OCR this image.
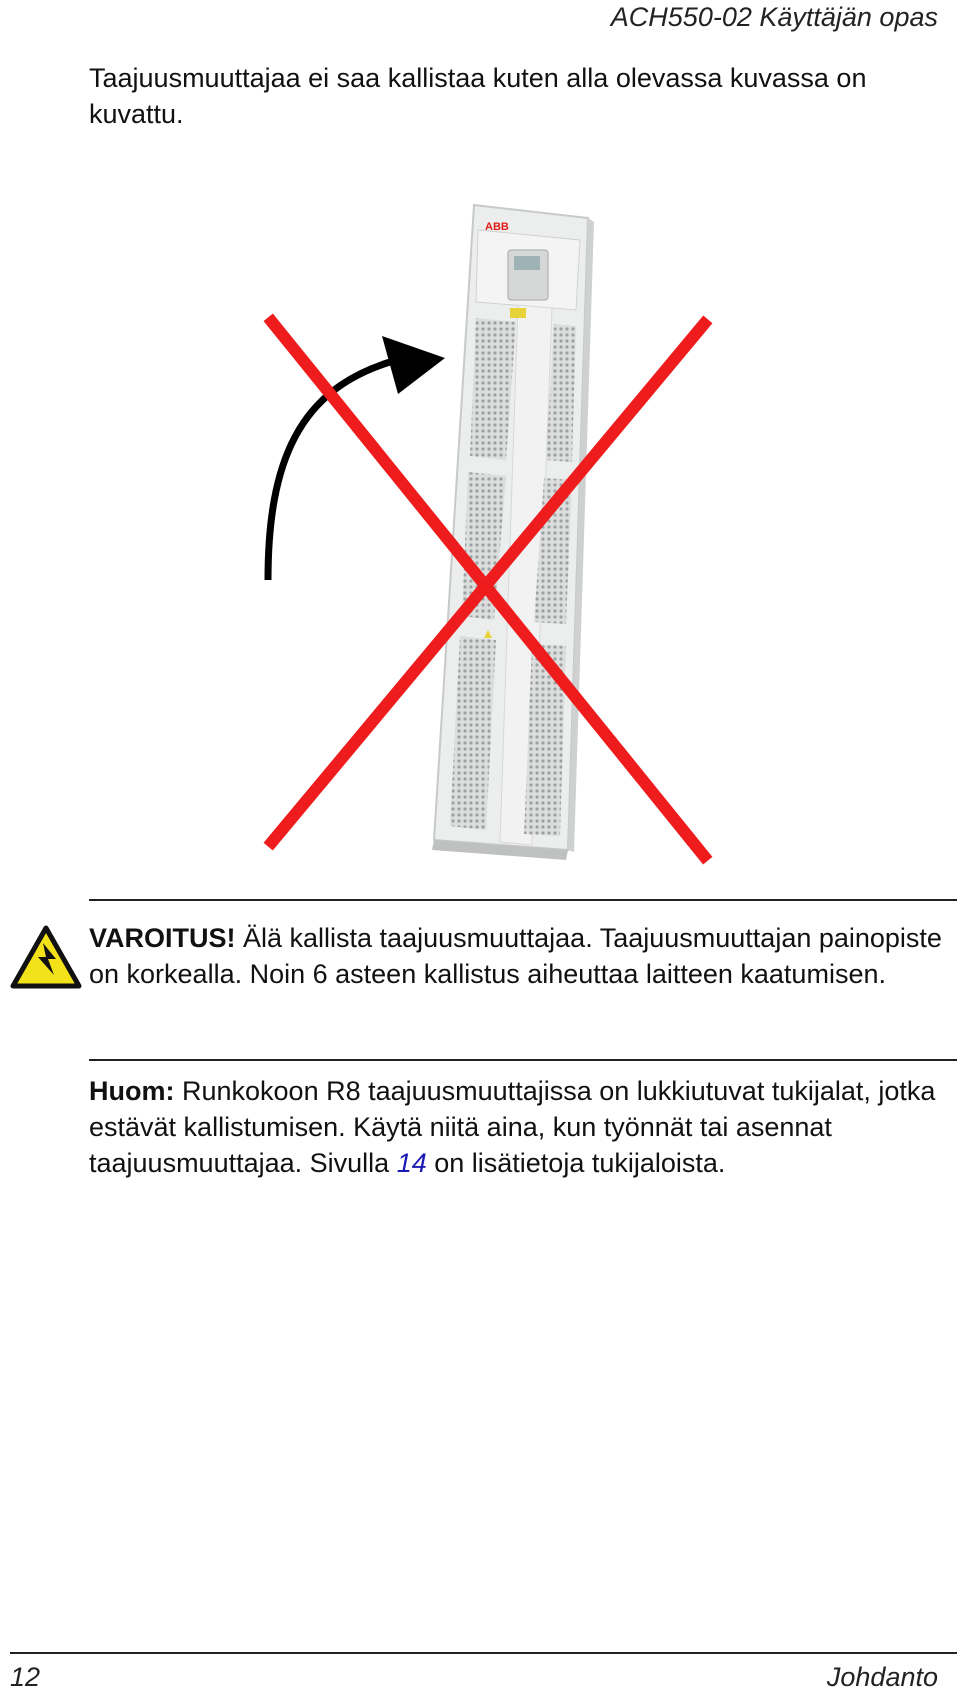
ACH550-02 Käyttäjän opas

Taajuusmuuttajaa ei saa kallistaa kuten alla olevassa kuvassa on kuvattu.

ABB

VAROITUS! Älä kallista taajuusmuuttajaa. Taajuusmuuttajan painopiste on korkealla. Noin 6 asteen kallistus aiheuttaa laitteen kaatumisen.

Huom: Runkokoon R8 taajuusmuuttajissa on lukkiutuvat tukijalat, jotka estävät kallistumisen. Käytä niitä aina, kun työnnät tai asennat taajuusmuuttajaa. Sivulla 14 on lisätietoja tukijaloista.

12	Johdanto
